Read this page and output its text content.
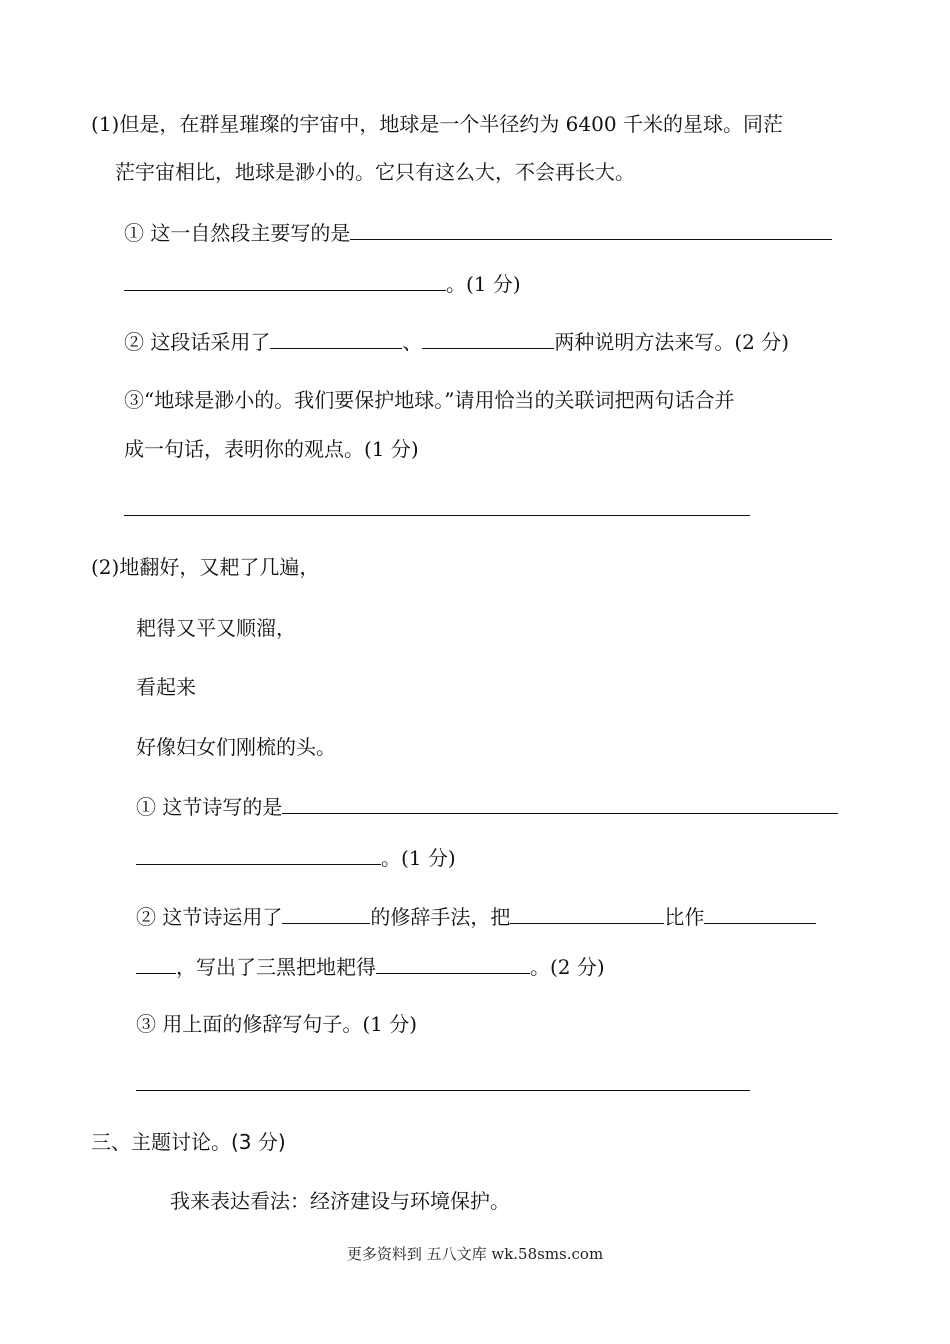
(1)但是，在群星璀璨的宇宙中，地球是一个半径约为 6400 千米的星球。同茫
茫宇宙相比，地球是渺小的。它只有这么大，不会再长大。
① 这一自然段主要写的是
。(1 分)
② 这段话采用了	、	两种说明方法来写。(2 分)
③“地球是渺小的。我们要保护地球。”请用恰当的关联词把两句话合并
成一句话，表明你的观点。(1 分)
(2)地翻好，又耙了几遍，
耙得又平又顺溜，
看起来
好像妇女们刚梳的头。
① 这节诗写的是
。(1 分)
② 这节诗运用了	的修辞手法，把	比作
，写出了三黑把地耙得	。(2 分)
③ 用上面的修辞写句子。(1 分)
三、主题讨论。(3 分)
我来表达看法：经济建设与环境保护。
更多资料到 五八文库 wk.58sms.com
